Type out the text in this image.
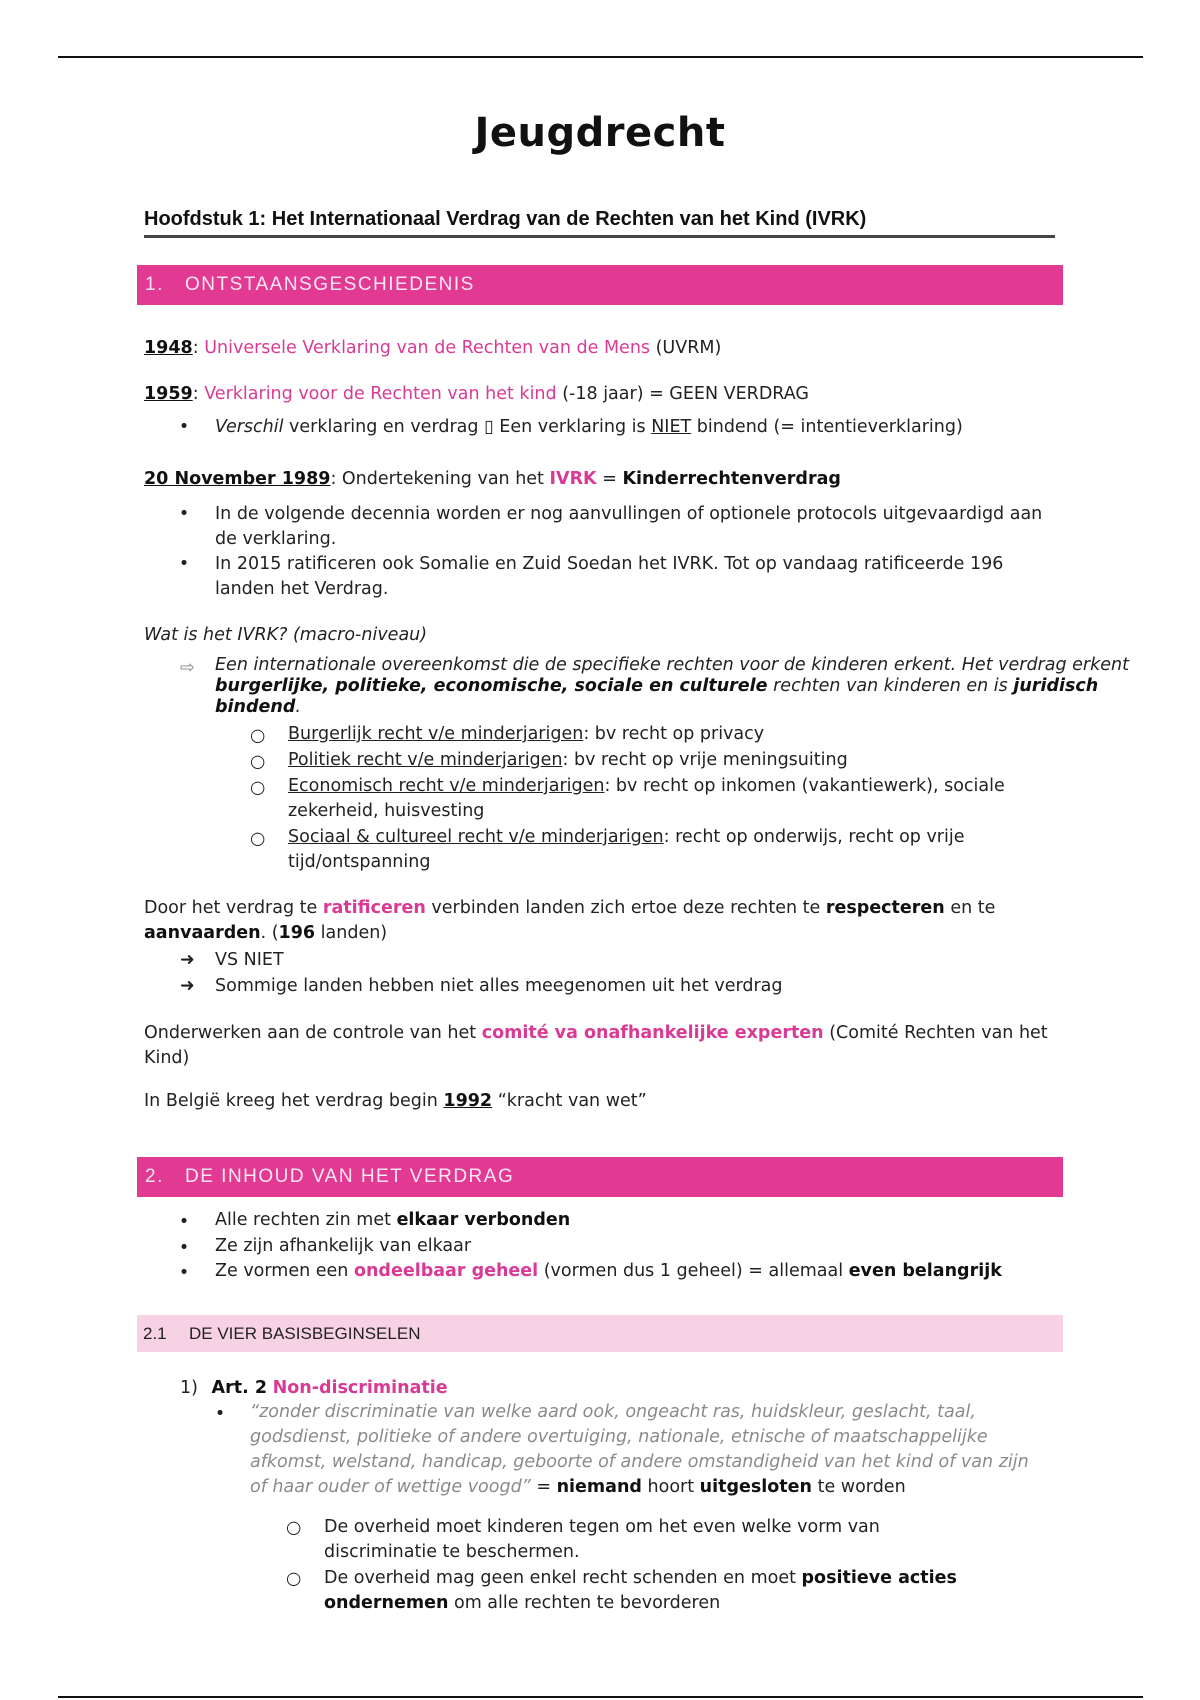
Jeugdrecht
Hoofdstuk 1: Het Internationaal Verdrag van de Rechten van het Kind (IVRK)
1. ONTSTAANSGESCHIEDENIS
1948: Universele Verklaring van de Rechten van de Mens (UVRM)
1959: Verklaring voor de Rechten van het kind (-18 jaar) = GEEN VERDRAG
• Verschil verklaring en verdrag ▯ Een verklaring is NIET bindend (= intentieverklaring)
20 November 1989: Ondertekening van het IVRK = Kinderrechtenverdrag
• In de volgende decennia worden er nog aanvullingen of optionele protocols uitgevaardigd aan de verklaring.
• In 2015 ratificeren ook Somalie en Zuid Soedan het IVRK. Tot op vandaag ratificeerde 196 landen het Verdrag.
Wat is het IVRK? (macro-niveau)
⇨ Een internationale overeenkomst die de specifieke rechten voor de kinderen erkent. Het verdrag erkent burgerlijke, politieke, economische, sociale en culturele rechten van kinderen en is juridisch bindend.
○ Burgerlijk recht v/e minderjarigen: bv recht op privacy
○ Politiek recht v/e minderjarigen: bv recht op vrije meningsuiting
○ Economisch recht v/e minderjarigen: bv recht op inkomen (vakantiewerk), sociale zekerheid, huisvesting
○ Sociaal & cultureel recht v/e minderjarigen: recht op onderwijs, recht op vrije tijd/ontspanning
Door het verdrag te ratificeren verbinden landen zich ertoe deze rechten te respecteren en te aanvaarden. (196 landen)
➜ VS NIET
➜ Sommige landen hebben niet alles meegenomen uit het verdrag
Onderwerken aan de controle van het comité va onafhankelijke experten (Comité Rechten van het Kind)
In België kreeg het verdrag begin 1992 “kracht van wet”
2. DE INHOUD VAN HET VERDRAG
• Alle rechten zin met elkaar verbonden
• Ze zijn afhankelijk van elkaar
• Ze vormen een ondeelbaar geheel (vormen dus 1 geheel) = allemaal even belangrijk
2.1 DE VIER BASISBEGINSELEN
1) Art. 2 Non-discriminatie
• “zonder discriminatie van welke aard ook, ongeacht ras, huidskleur, geslacht, taal, godsdienst, politieke of andere overtuiging, nationale, etnische of maatschappelijke afkomst, welstand, handicap, geboorte of andere omstandigheid van het kind of van zijn of haar ouder of wettige voogd” = niemand hoort uitgesloten te worden
○ De overheid moet kinderen tegen om het even welke vorm van discriminatie te beschermen.
○ De overheid mag geen enkel recht schenden en moet positieve acties ondernemen om alle rechten te bevorderen
